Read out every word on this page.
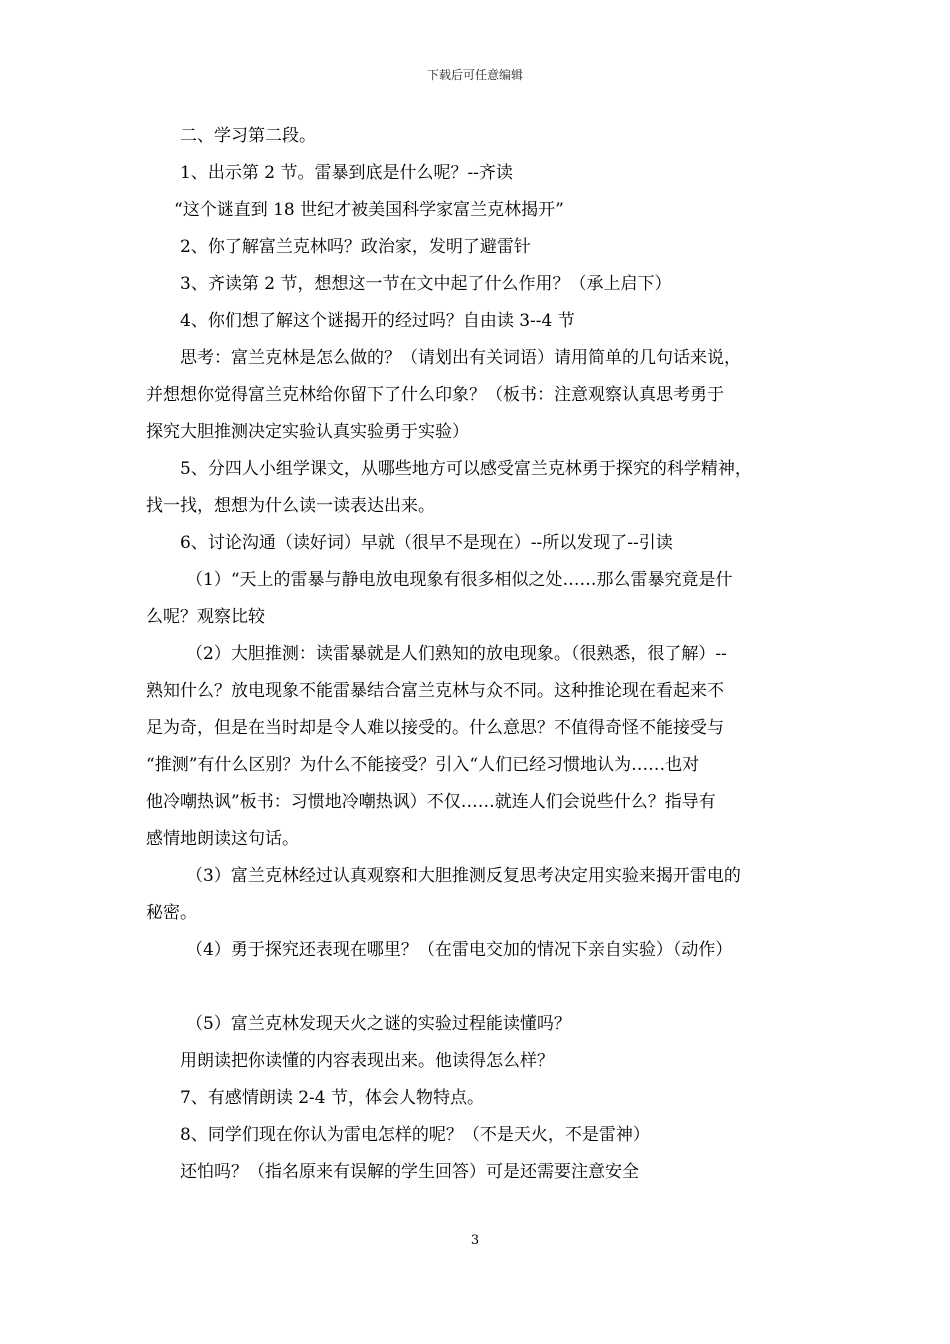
下载后可任意编辑

二、学习第二段。

1、出示第 2 节。雷暴到底是什么呢？--齐读

“这个谜直到 18 世纪才被美国科学家富兰克林揭开”

2、你了解富兰克林吗？政治家，发明了避雷针

3、齐读第 2 节，想想这一节在文中起了什么作用？（承上启下）

4、你们想了解这个谜揭开的经过吗？自由读 3--4 节

思考：富兰克林是怎么做的？（请划出有关词语）请用简单的几句话来说，

并想想你觉得富兰克林给你留下了什么印象？（板书：注意观察认真思考勇于

探究大胆推测决定实验认真实验勇于实验）

5、分四人小组学课文，从哪些地方可以感受富兰克林勇于探究的科学精神，

找一找，想想为什么读一读表达出来。

6、讨论沟通（读好词）早就（很早不是现在）--所以发现了--引读

（1）“天上的雷暴与静电放电现象有很多相似之处……那么雷暴究竟是什

么呢？观察比较

（2）大胆推测：读雷暴就是人们熟知的放电现象。（很熟悉，很了解）--

熟知什么？放电现象不能雷暴结合富兰克林与众不同。这种推论现在看起来不

足为奇，但是在当时却是令人难以接受的。什么意思？不值得奇怪不能接受与

“推测”有什么区别？为什么不能接受？引入“人们已经习惯地认为……也对

他冷嘲热讽”板书：习惯地冷嘲热讽）不仅……就连人们会说些什么？指导有

感情地朗读这句话。

（3）富兰克林经过认真观察和大胆推测反复思考决定用实验来揭开雷电的

秘密。

（4）勇于探究还表现在哪里？（在雷电交加的情况下亲自实验）（动作）

（5）富兰克林发现天火之谜的实验过程能读懂吗？

用朗读把你读懂的内容表现出来。他读得怎么样？

7、有感情朗读 2-4 节，体会人物特点。

8、同学们现在你认为雷电怎样的呢？（不是天火，不是雷神）

还怕吗？（指名原来有误解的学生回答）可是还需要注意安全

3
